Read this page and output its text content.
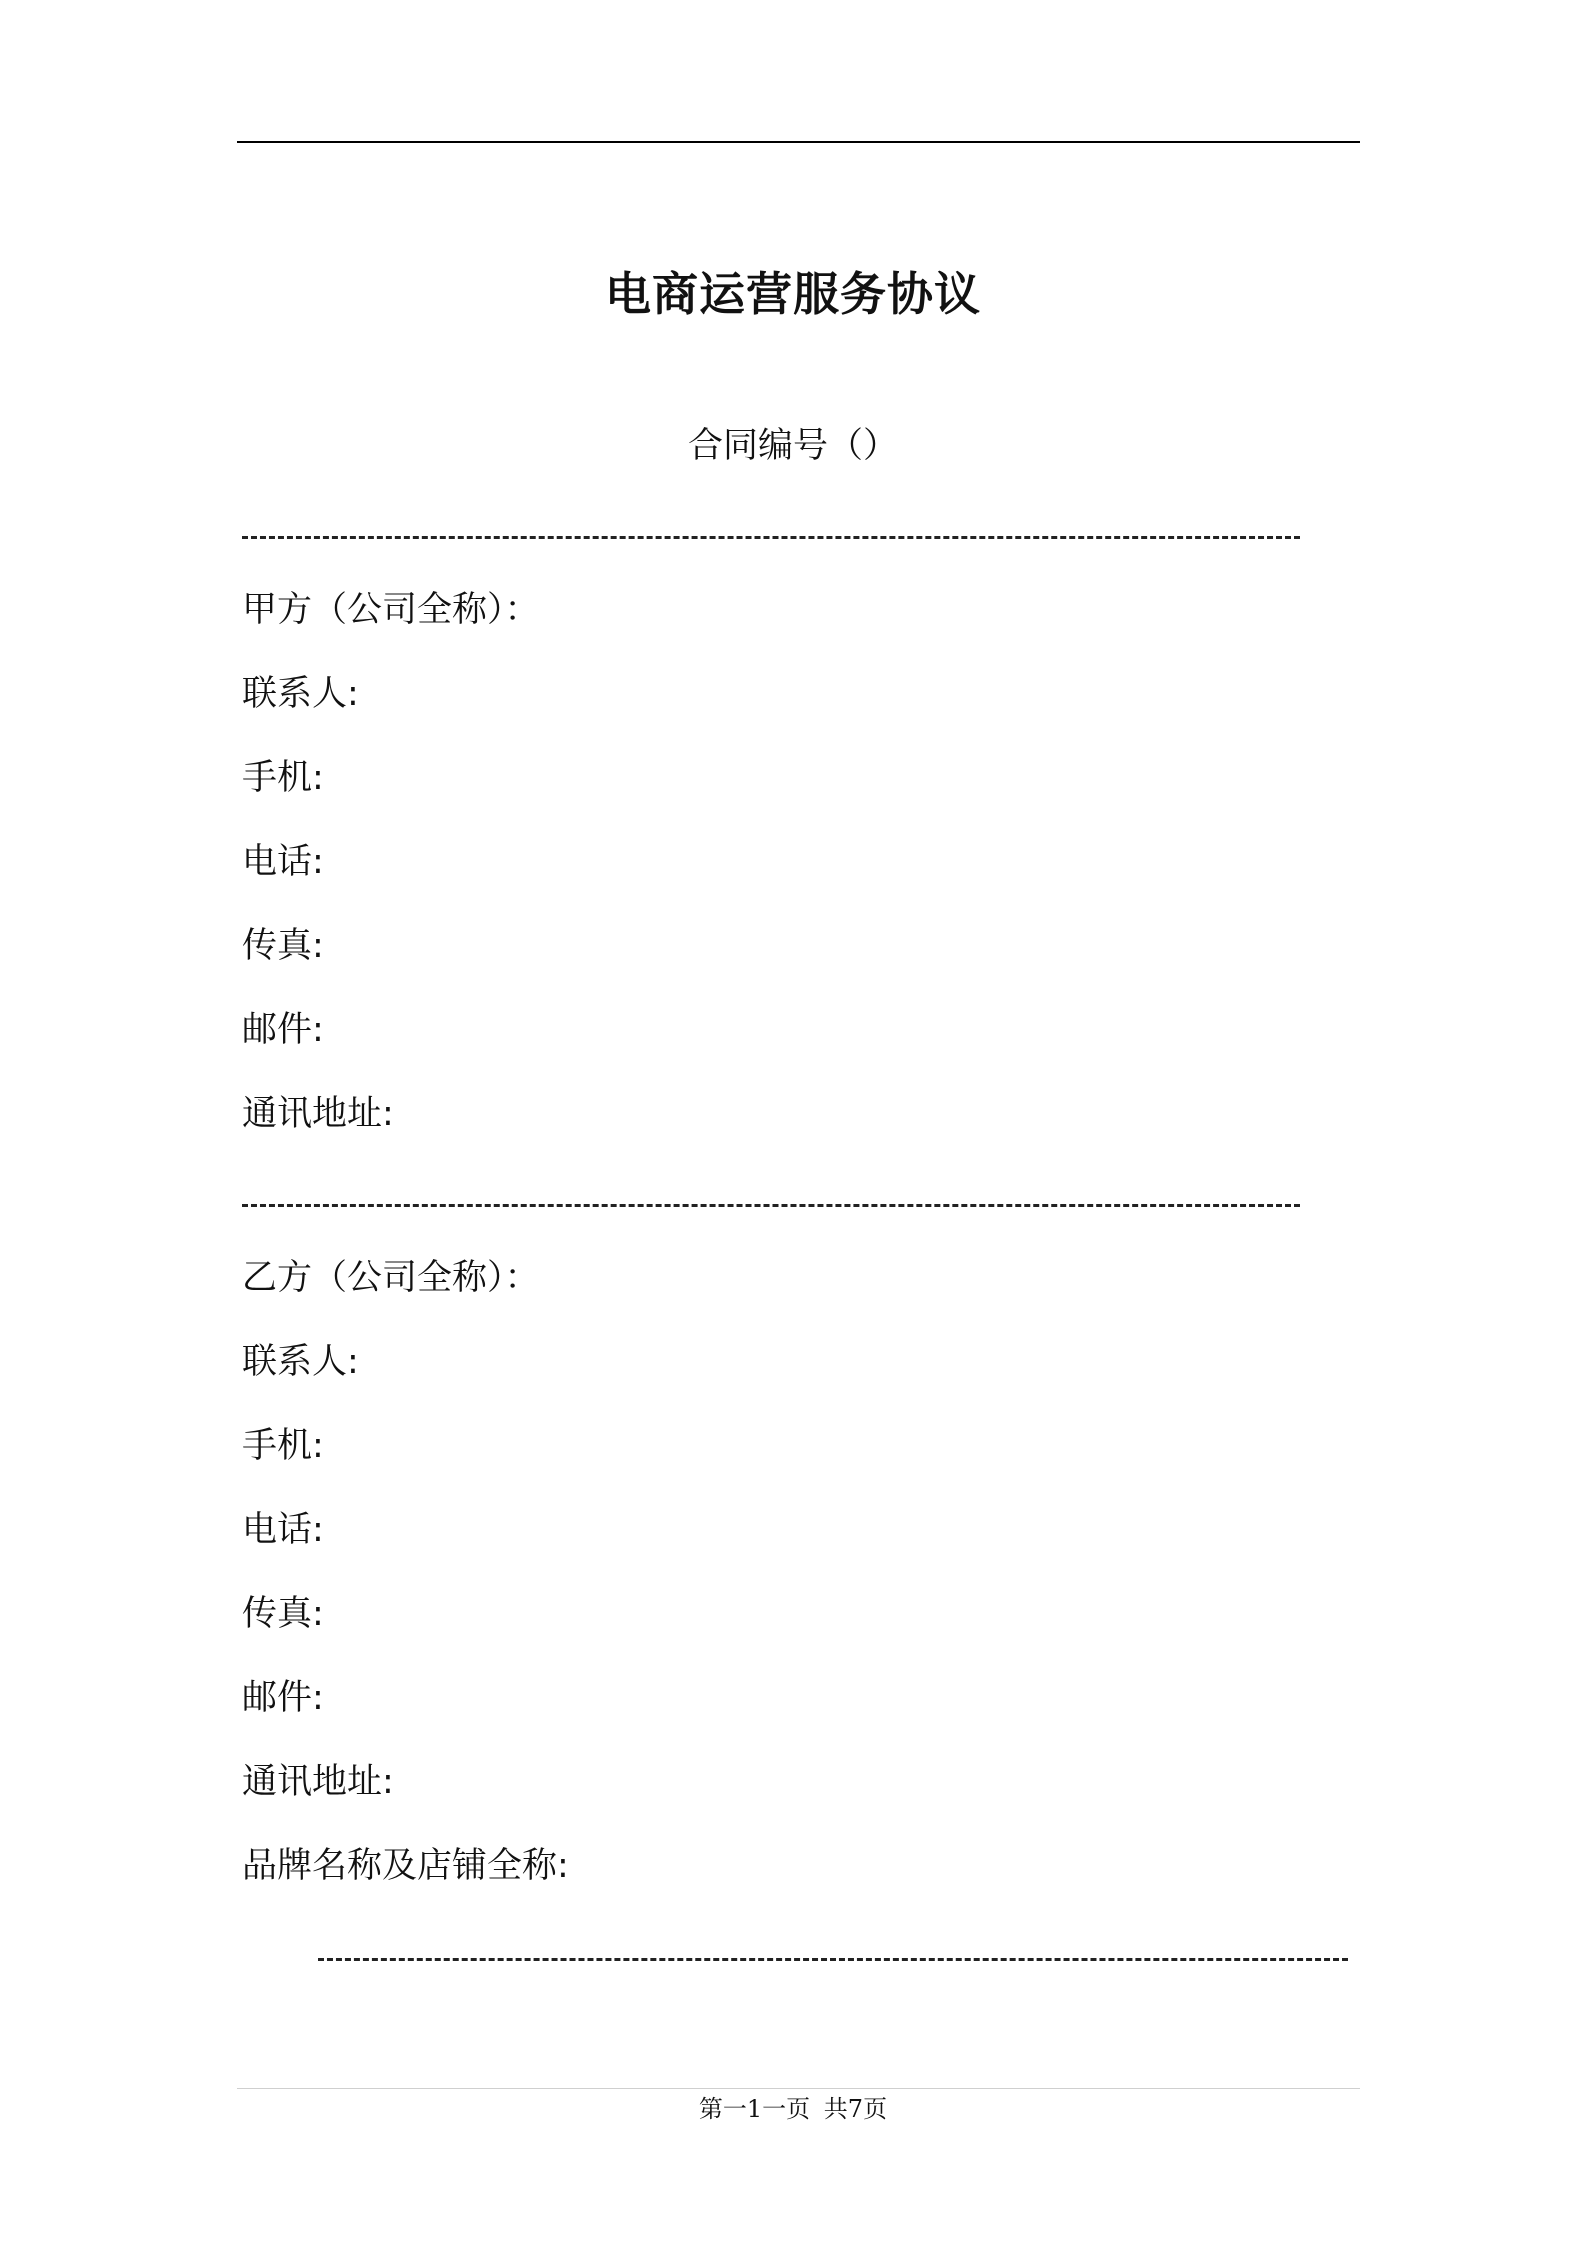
电商运营服务协议
合同编号（）
甲方（公司全称）：
联系人:
手机:
电话:
传真:
邮件:
通讯地址:
乙方（公司全称）：
联系人:
手机:
电话:
传真:
邮件:
通讯地址:
品牌名称及店铺全称:
第一1一页 共7页
